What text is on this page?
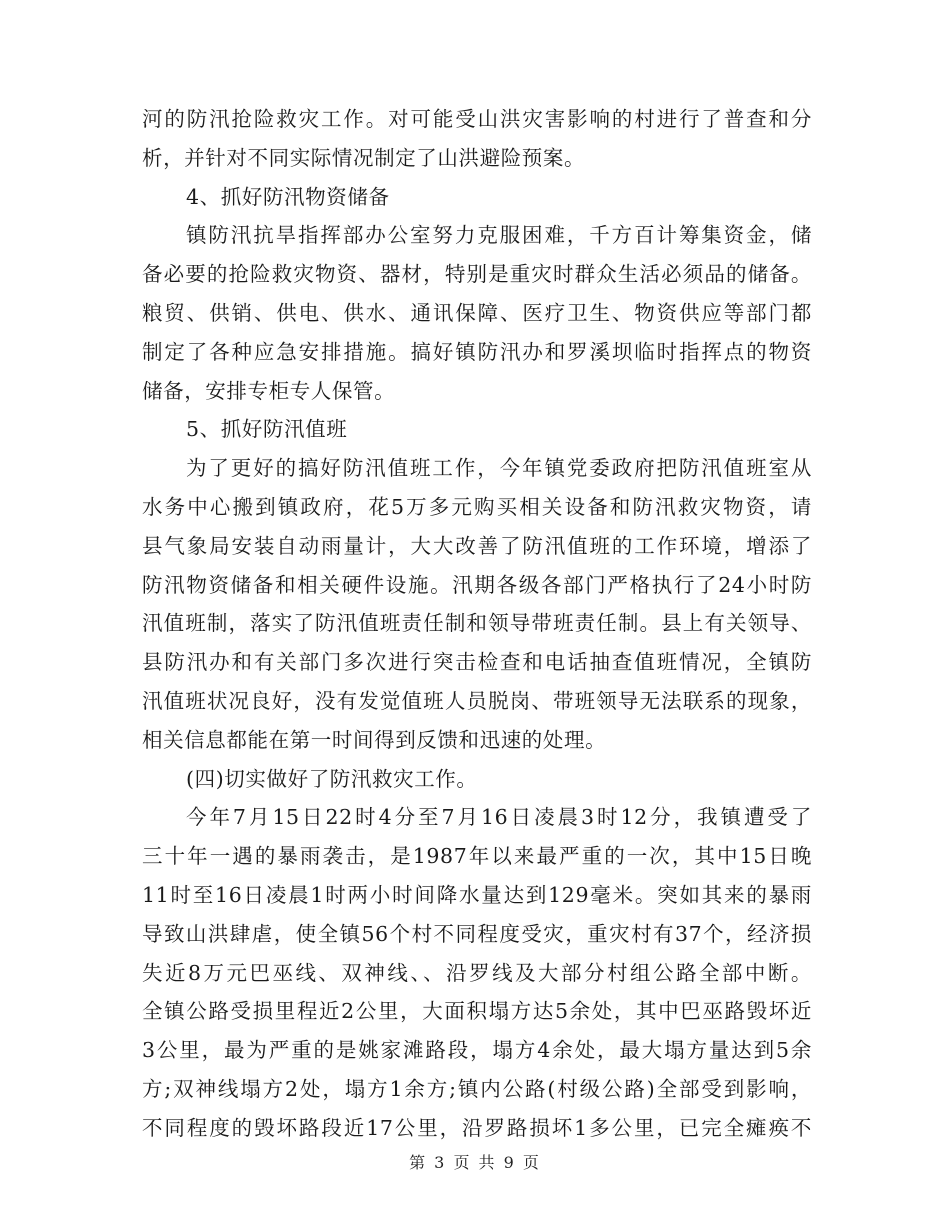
河的防汛抢险救灾工作。对可能受山洪灾害影响的村进行了普查和分
析，并针对不同实际情况制定了山洪避险预案。
4、抓好防汛物资储备
镇防汛抗旱指挥部办公室努力克服困难，千方百计筹集资金，储
备必要的抢险救灾物资、器材，特别是重灾时群众生活必须品的储备。
粮贸、供销、供电、供水、通讯保障、医疗卫生、物资供应等部门都
制定了各种应急安排措施。搞好镇防汛办和罗溪坝临时指挥点的物资
储备，安排专柜专人保管。
5、抓好防汛值班
为了更好的搞好防汛值班工作，今年镇党委政府把防汛值班室从
水务中心搬到镇政府，花5万多元购买相关设备和防汛救灾物资，请
县气象局安装自动雨量计，大大改善了防汛值班的工作环境，增添了
防汛物资储备和相关硬件设施。汛期各级各部门严格执行了24小时防
汛值班制，落实了防汛值班责任制和领导带班责任制。县上有关领导、
县防汛办和有关部门多次进行突击检查和电话抽查值班情况，全镇防
汛值班状况良好，没有发觉值班人员脱岗、带班领导无法联系的现象，
相关信息都能在第一时间得到反馈和迅速的处理。
(四)切实做好了防汛救灾工作。
今年7月15日22时4分至7月16日凌晨3时12分，我镇遭受了
三十年一遇的暴雨袭击，是1987年以来最严重的一次，其中15日晚
11时至16日凌晨1时两小时间降水量达到129毫米。突如其来的暴雨
导致山洪肆虐，使全镇56个村不同程度受灾，重灾村有37个，经济损
失近8万元巴巫线、双神线、、沿罗线及大部分村组公路全部中断。
全镇公路受损里程近2公里，大面积塌方达5余处，其中巴巫路毁坏近
3公里，最为严重的是姚家滩路段，塌方4余处，最大塌方量达到5余
方;双神线塌方2处，塌方1余方;镇内公路(村级公路)全部受到影响，
不同程度的毁坏路段近17公里，沿罗路损坏1多公里，已完全瘫痪不
第 3 页 共 9 页
